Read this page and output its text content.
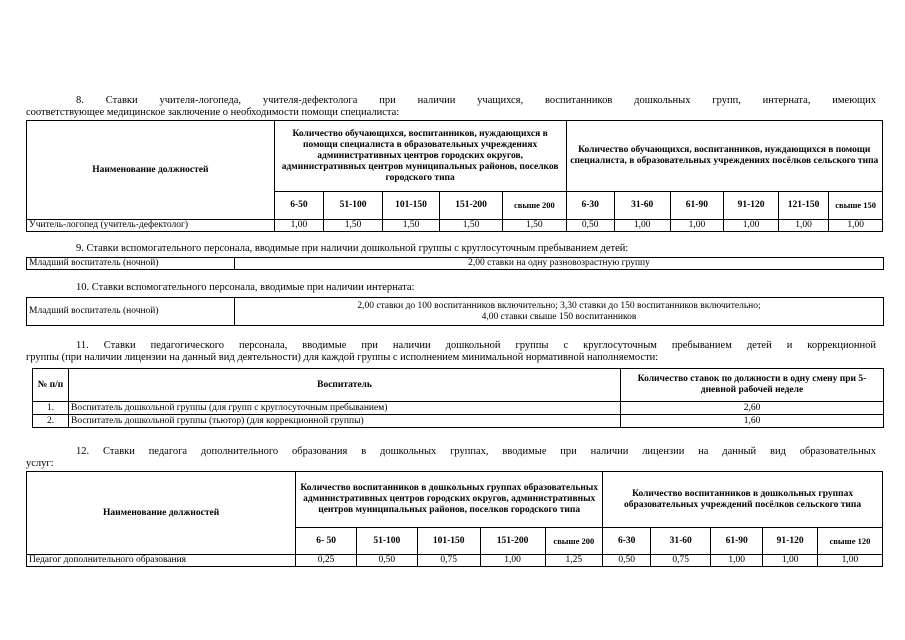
8. Ставки учителя-логопеда, учителя-дефектолога при наличии учащихся, воспитанников дошкольных групп, интерната, имеющих
соответствующее медицинское заключение о необходимости помощи специалиста:
Наименование должностей	Количество обучающихся, воспитанников, нуждающихся в помощи специалиста в образовательных учреждениях административных центров городских округов, административных центров муниципальных районов, поселков городского типа					Количество обучающихся, воспитанников, нуждающихся в помощи специалиста, в образовательных учреждениях посёлков сельского типа					
	6-50	51-100	101-150	151-200	свыше 200	6-30	31-60	61-90	91-120	121-150	свыше 150
Учитель-логопед (учитель-дефектолог)	1,00	1,50	1,50	1,50	1,50	0,50	1,00	1,00	1,00	1,00	1,00
9. Ставки вспомогательного персонала, вводимые при наличии дошкольной группы с круглосуточным пребыванием детей:
Младший воспитатель (ночной)	2,00 ставки на одну разновозрастную группу
10. Ставки вспомогательного персонала, вводимые при наличии интерната:
Младший воспитатель (ночной)	
2,00 ставки до 100 воспитанников включительно; 3,30 ставки до 150 воспитанников включительно;
4,00 ставки свыше 150 воспитанников
11. Ставки педагогического персонала, вводимые при наличии дошкольной группы с круглосуточным пребыванием детей и коррекционной
группы (при наличии лицензии на данный вид деятельности) для каждой группы с исполнением минимальной нормативной наполняемости:
№ п/п	Воспитатель	Количество ставок по должности в одну смену при 5-дневной рабочей неделе
1.	Воспитатель дошкольной группы (для групп с круглосуточным пребыванием)	2,60
2.	Воспитатель дошкольной группы (тьютор) (для коррекционной группы)	1,60
12. Ставки педагога дополнительного образования в дошкольных группах, вводимые при наличии лицензии на данный вид образовательных
услуг:
Наименование должностей	Количество воспитанников в дошкольных группах образовательных административных центров городских округов, административных центров муниципальных районов, поселков городского типа					Количество воспитанников в дошкольных группах образовательных учреждений посёлков сельского типа				
	6- 50	51-100	101-150	151-200	свыше 200	6-30	31-60	61-90	91-120	свыше 120
Педагог дополнительного образования	0,25	0,50	0,75	1,00	1,25	0,50	0,75	1,00	1,00	1,00
